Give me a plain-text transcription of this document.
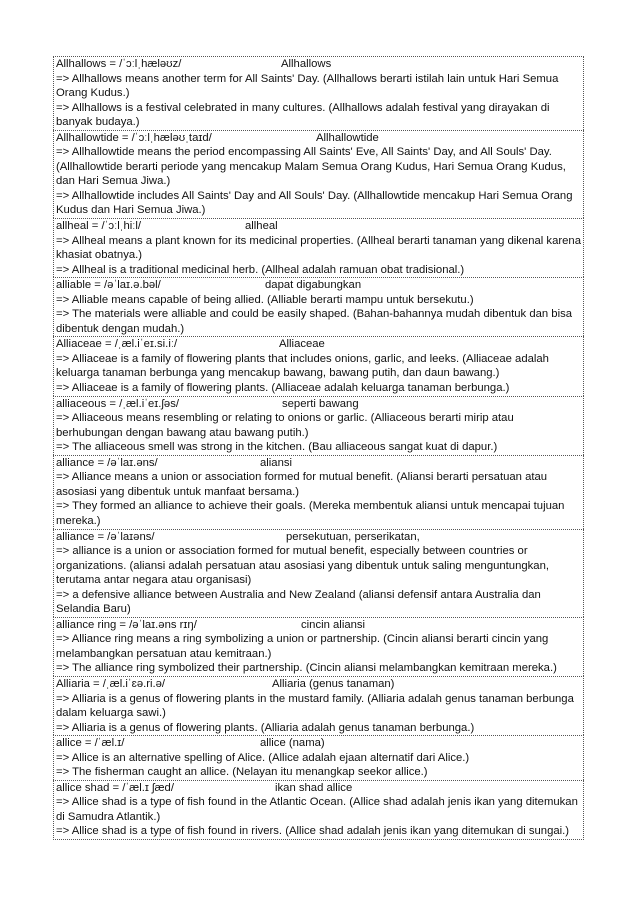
Allhallows = /ˈɔːlˌhæləʊz/	Allhallows
=> Allhallows means another term for All Saints' Day. (Allhallows berarti istilah lain untuk Hari Semua Orang Kudus.)
=> Allhallows is a festival celebrated in many cultures. (Allhallows adalah festival yang dirayakan di banyak budaya.)
Allhallowtide = /ˈɔːlˌhæləʊˌtaɪd/	Allhallowtide
=> Allhallowtide means the period encompassing All Saints' Eve, All Saints' Day, and All Souls' Day. (Allhallowtide berarti periode yang mencakup Malam Semua Orang Kudus, Hari Semua Orang Kudus, dan Hari Semua Jiwa.)
=> Allhallowtide includes All Saints' Day and All Souls' Day. (Allhallowtide mencakup Hari Semua Orang Kudus dan Hari Semua Jiwa.)
allheal = /ˈɔːlˌhiːl/	allheal
=> Allheal means a plant known for its medicinal properties. (Allheal berarti tanaman yang dikenal karena khasiat obatnya.)
=> Allheal is a traditional medicinal herb. (Allheal adalah ramuan obat tradisional.)
alliable = /əˈlaɪ.ə.bəl/	dapat digabungkan
=> Alliable means capable of being allied. (Alliable berarti mampu untuk bersekutu.)
=> The materials were alliable and could be easily shaped. (Bahan-bahannya mudah dibentuk dan bisa dibentuk dengan mudah.)
Alliaceae = /ˌæl.iˈeɪ.si.iː/	Alliaceae
=> Alliaceae is a family of flowering plants that includes onions, garlic, and leeks. (Alliaceae adalah keluarga tanaman berbunga yang mencakup bawang, bawang putih, dan daun bawang.)
=> Alliaceae is a family of flowering plants. (Alliaceae adalah keluarga tanaman berbunga.)
alliaceous = /ˌæl.iˈeɪ.ʃəs/	seperti bawang
=> Alliaceous means resembling or relating to onions or garlic. (Alliaceous berarti mirip atau berhubungan dengan bawang atau bawang putih.)
=> The alliaceous smell was strong in the kitchen. (Bau alliaceous sangat kuat di dapur.)
alliance = /əˈlaɪ.əns/	aliansi
=> Alliance means a union or association formed for mutual benefit. (Aliansi berarti persatuan atau asosiasi yang dibentuk untuk manfaat bersama.)
=> They formed an alliance to achieve their goals. (Mereka membentuk aliansi untuk mencapai tujuan mereka.)
alliance = /əˈlaɪəns/	persekutuan, perserikatan,
=> alliance is a union or association formed for mutual benefit, especially between countries or organizations. (aliansi adalah persatuan atau asosiasi yang dibentuk untuk saling menguntungkan, terutama antar negara atau organisasi)
=> a defensive alliance between Australia and New Zealand (aliansi defensif antara Australia dan Selandia Baru)
alliance ring = /əˈlaɪ.əns rɪŋ/	cincin aliansi
=> Alliance ring means a ring symbolizing a union or partnership. (Cincin aliansi berarti cincin yang melambangkan persatuan atau kemitraan.)
=> The alliance ring symbolized their partnership. (Cincin aliansi melambangkan kemitraan mereka.)
Alliaria = /ˌæl.iˈɛə.ri.ə/	Alliaria (genus tanaman)
=> Alliaria is a genus of flowering plants in the mustard family. (Alliaria adalah genus tanaman berbunga dalam keluarga sawi.)
=> Alliaria is a genus of flowering plants. (Alliaria adalah genus tanaman berbunga.)
allice = /ˈæl.ɪ/	allice (nama)
=> Allice is an alternative spelling of Alice. (Allice adalah ejaan alternatif dari Alice.)
=> The fisherman caught an allice. (Nelayan itu menangkap seekor allice.)
allice shad = /ˈæl.ɪ ʃæd/	ikan shad allice
=> Allice shad is a type of fish found in the Atlantic Ocean. (Allice shad adalah jenis ikan yang ditemukan di Samudra Atlantik.)
=> Allice shad is a type of fish found in rivers. (Allice shad adalah jenis ikan yang ditemukan di sungai.)
